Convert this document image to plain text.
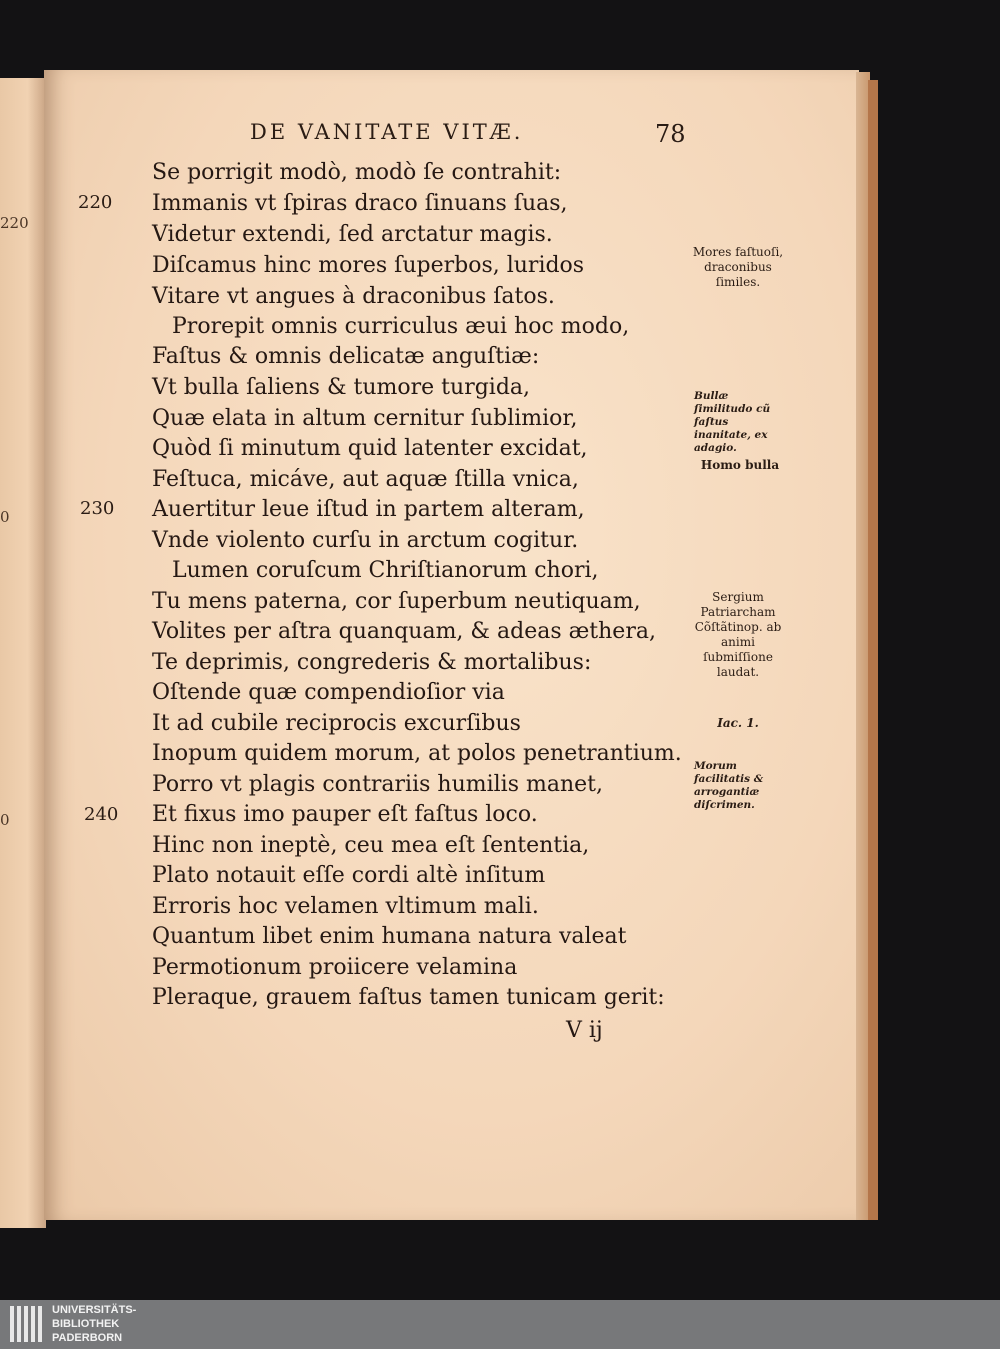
220
0
0
DE VANITATE VITÆ.	78
Se porrigit modò, modò ſe contrahit:
Immanis vt ſpiras draco ſinuans ſuas,
Videtur extendi, ſed arctatur magis.
Diſcamus hinc mores ſuperbos, luridos
Vitare vt angues à draconibus ſatos.
Prorepit omnis curriculus æui hoc modo,
Faſtus & omnis delicatæ anguſtiæ:
Vt bulla ſaliens & tumore turgida,
Quæ elata in altum cernitur ſublimior,
Quòd ſi minutum quid latenter excidat,
Feſtuca, micáve, aut aquæ ſtilla vnica,
Auertitur leue iſtud in partem alteram,
Vnde violento curſu in arctum cogitur.
Lumen coruſcum Chriſtianorum chori,
Tu mens paterna, cor ſuperbum neutiquam,
Volites per aſtra quanquam, & adeas æthera,
Te deprimis, congrederis & mortalibus:
Oſtende quæ compendioſior via
It ad cubile reciprocis excurſibus
Inopum quidem morum, at polos penetrantium.
Porro vt plagis contrariis humilis manet,
Et fixus imo pauper eſt faſtus loco.
Hinc non ineptè, ceu mea eſt ſententia,
Plato notauit eſſe cordi altè inſitum
Erroris hoc velamen vltimum mali.
Quantum libet enim humana natura valeat
Permotionum proiicere velamina
Pleraque, grauem faſtus tamen tunicam gerit:
220
230
240
Mores faſtuoſi, draconibus ſimiles.
Bullæ ſimilitudo cũ faſtus inanitate, ex adagio.
Homo bulla
Sergium Patriarcham Cõſtãtinop. ab animi ſubmiſſione laudat.
Iac. 1.
Morum facilitatis & arrogantiæ diſcrimen.
V ij
UNIVERSITÄTS-
BIBLIOTHEK
PADERBORN
